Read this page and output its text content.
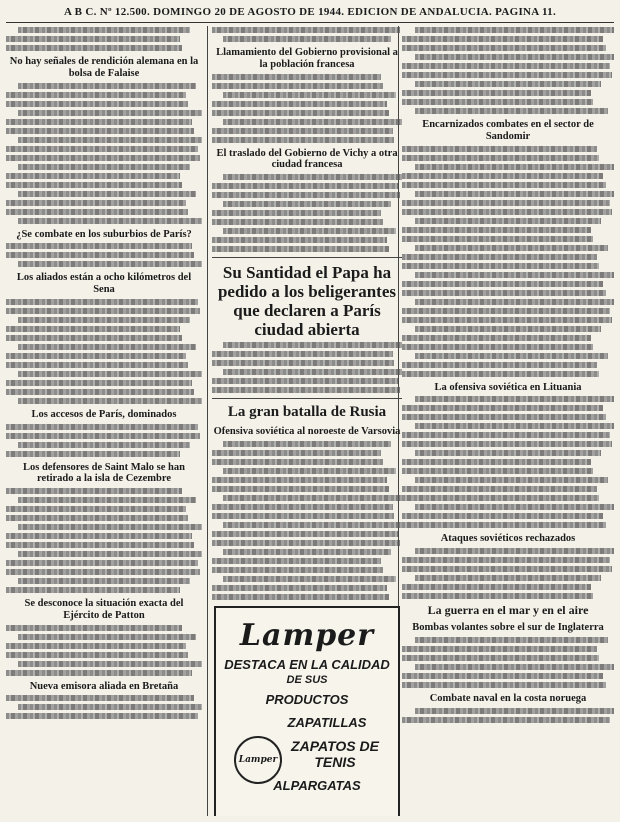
A B C. Nº 12.500. DOMINGO 20 DE AGOSTO DE 1944. EDICION DE ANDALUCIA. PAGINA 11.
No hay señales de rendición alemana en la bolsa de Falaise
¿Se combate en los suburbios de París?
Los aliados están a ocho kilómetros del Sena
Los accesos de París, dominados
Los defensores de Saint Malo se han retirado a la isla de Cezembre
Se desconoce la situación exacta del Ejército de Patton
Nueva emisora aliada en Bretaña
Llamamiento del Gobierno provisional a la población francesa
El traslado del Gobierno de Vichy a otra ciudad francesa
Su Santidad el Papa ha pedido a los beligerantes que declaren a París ciudad abierta
La gran batalla de Rusia
Ofensiva soviética al noroeste de Varsovia
Lamper
DESTACA EN LA CALIDAD
DE SUS
PRODUCTOS
ZAPATILLAS
ZAPATOS DE TENIS
ALPARGATAS
Lamper
Encarnizados combates en el sector de Sandomir
La ofensiva soviética en Lituania
Ataques soviéticos rechazados
La guerra en el mar y en el aire
Bombas volantes sobre el sur de Inglaterra
Combate naval en la costa noruega
